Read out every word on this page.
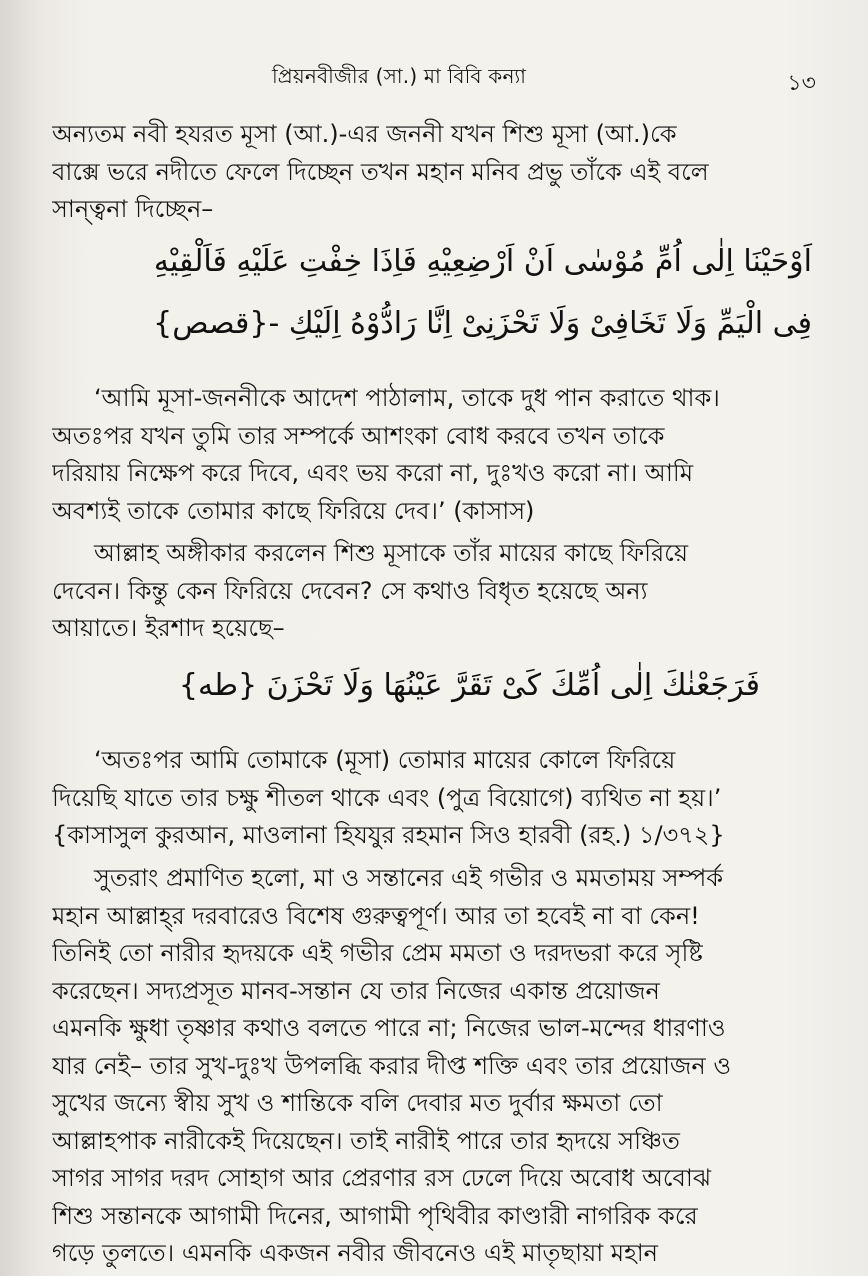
প্রিয়নবীজীর (সা.) মা বিবি কন্যা	১৩
অন্যতম নবী হযরত মূসা (আ.)-এর জননী যখন শিশু মূসা (আ.)কে
বাক্সে ভরে নদীতে ফেলে দিচ্ছেন তখন মহান মনিব প্রভু তাঁকে এই বলে
সান্ত্বনা দিচ্ছেন–
اَوْحَيْنَا اِلٰى اُمِّ مُوْسٰى اَنْ اَرْضِعِيْهِ فَاِذَا خِفْتِ عَلَيْهِ فَاَلْقِيْهِ
فِى الْيَمِّ وَلَا تَخَافِىْ وَلَا تَحْزَنِىْ اِنَّا رَادُّوْهُ اِلَيْكِ -{قصص}
‘আমি মূসা-জননীকে আদেশ পাঠালাম, তাকে দুধ পান করাতে থাক।
অতঃপর যখন তুমি তার সম্পর্কে আশংকা বোধ করবে তখন তাকে
দরিয়ায় নিক্ষেপ করে দিবে, এবং ভয় করো না, দুঃখও করো না। আমি
অবশ্যই তাকে তোমার কাছে ফিরিয়ে দেব।’ (কাসাস)
আল্লাহ অঙ্গীকার করলেন শিশু মূসাকে তাঁর মায়ের কাছে ফিরিয়ে
দেবেন। কিন্তু কেন ফিরিয়ে দেবেন? সে কথাও বিধৃত হয়েছে অন্য
আয়াতে। ইরশাদ হয়েছে–
فَرَجَعْنٰكَ اِلٰى اُمِّكَ كَىْ تَقَرَّ عَيْنُهَا وَلَا تَحْزَنَ {طه}
‘অতঃপর আমি তোমাকে (মূসা) তোমার মায়ের কোলে ফিরিয়ে
দিয়েছি যাতে তার চক্ষু শীতল থাকে এবং (পুত্র বিয়োগে) ব্যথিত না হয়।’
{কাসাসুল কুরআন, মাওলানা হিযযুর রহমান সিও হারবী (রহ.) ১/৩৭২}
সুতরাং প্রমাণিত হলো, মা ও সন্তানের এই গভীর ও মমতাময় সম্পর্ক
মহান আল্লাহ্‌র দরবারেও বিশেষ গুরুত্বপূর্ণ। আর তা হবেই না বা কেন!
তিনিই তো নারীর হৃদয়কে এই গভীর প্রেম মমতা ও দরদভরা করে সৃষ্টি
করেছেন। সদ্যপ্রসূত মানব-সন্তান যে তার নিজের একান্ত প্রয়োজন
এমনকি ক্ষুধা তৃষ্ণার কথাও বলতে পারে না; নিজের ভাল-মন্দের ধারণাও
যার নেই– তার সুখ-দুঃখ উপলব্ধি করার দীপ্ত শক্তি এবং তার প্রয়োজন ও
সুখের জন্যে স্বীয় সুখ ও শান্তিকে বলি দেবার মত দুর্বার ক্ষমতা তো
আল্লাহপাক নারীকেই দিয়েছেন। তাই নারীই পারে তার হৃদয়ে সঞ্চিত
সাগর সাগর দরদ সোহাগ আর প্রেরণার রস ঢেলে দিয়ে অবোধ অবোঝ
শিশু সন্তানকে আগামী দিনের, আগামী পৃথিবীর কাণ্ডারী নাগরিক করে
গড়ে তুলতে। এমনকি একজন নবীর জীবনেও এই মাতৃছায়া মহান
